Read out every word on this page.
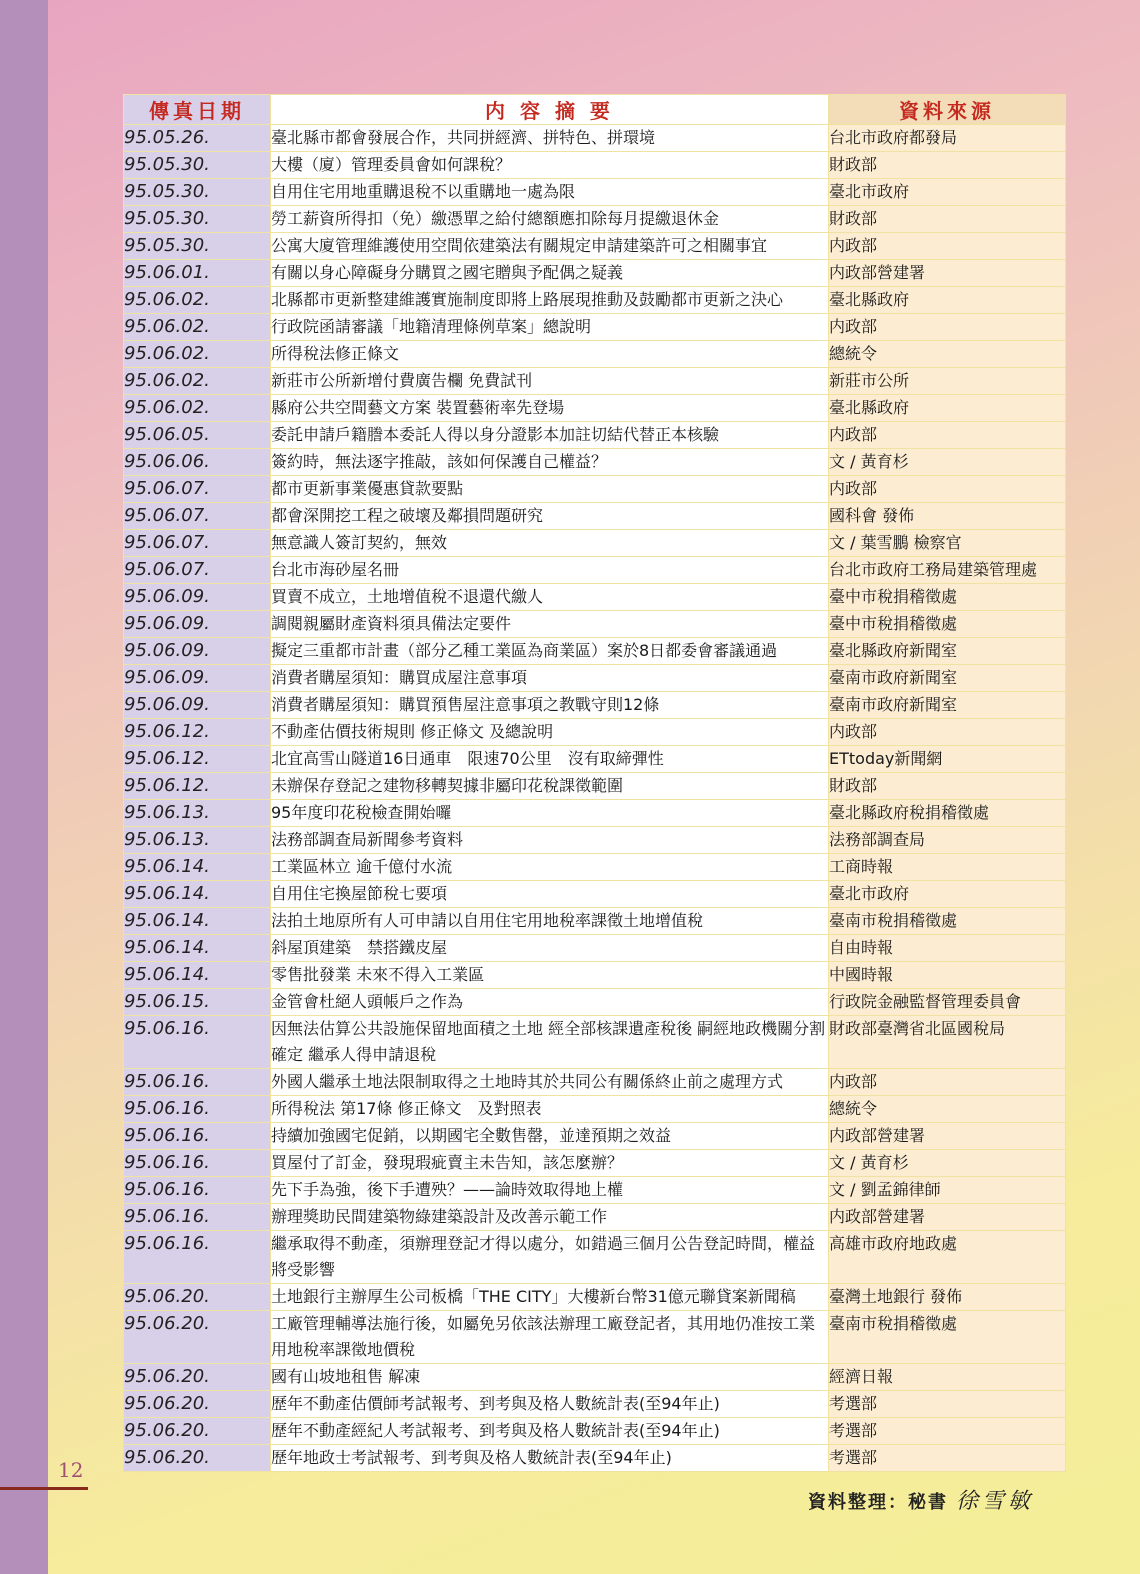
傳真日期	内 容 摘 要	資料來源
95.05.26.	臺北縣市都會發展合作，共同拼經濟、拼特色、拼環境	台北市政府都發局
95.05.30.	大樓（廈）管理委員會如何課稅？	財政部
95.05.30.	自用住宅用地重購退稅不以重購地一處為限	臺北市政府
95.05.30.	勞工薪資所得扣（免）繳憑單之給付總額應扣除每月提繳退休金	財政部
95.05.30.	公寓大廈管理維護使用空間依建築法有關規定申請建築許可之相關事宜	内政部
95.06.01.	有關以身心障礙身分購買之國宅贈與予配偶之疑義	内政部營建署
95.06.02.	北縣都市更新整建維護實施制度即將上路展現推動及鼓勵都市更新之決心	臺北縣政府
95.06.02.	行政院函請審議「地籍清理條例草案」總說明	内政部
95.06.02.	所得稅法修正條文	總統令
95.06.02.	新莊市公所新增付費廣告欄 免費試刊	新莊市公所
95.06.02.	縣府公共空間藝文方案 裝置藝術率先登場	臺北縣政府
95.06.05.	委託申請戶籍謄本委託人得以身分證影本加註切結代替正本核驗	内政部
95.06.06.	簽約時，無法逐字推敲，該如何保護自己權益？	文 / 黃育杉
95.06.07.	都市更新事業優惠貸款要點	内政部
95.06.07.	都會深開挖工程之破壞及鄰損問題研究	國科會 發佈
95.06.07.	無意識人簽訂契約，無效	文 / 葉雪鵬 檢察官
95.06.07.	台北市海砂屋名冊	台北市政府工務局建築管理處
95.06.09.	買賣不成立，土地增值稅不退還代繳人	臺中市稅捐稽徵處
95.06.09.	調閱親屬財產資料須具備法定要件	臺中市稅捐稽徵處
95.06.09.	擬定三重都市計畫（部分乙種工業區為商業區）案於8日都委會審議通過	臺北縣政府新聞室
95.06.09.	消費者購屋須知：購買成屋注意事項	臺南市政府新聞室
95.06.09.	消費者購屋須知：購買預售屋注意事項之教戰守則12條	臺南市政府新聞室
95.06.12.	不動產估價技術規則 修正條文 及總說明	内政部
95.06.12.	北宜高雪山隧道16日通車　限速70公里　沒有取締彈性	ETtoday新聞網
95.06.12.	未辦保存登記之建物移轉契據非屬印花稅課徵範圍	財政部
95.06.13.	95年度印花稅檢查開始囉	臺北縣政府稅捐稽徵處
95.06.13.	法務部調查局新聞參考資料	法務部調查局
95.06.14.	工業區林立 逾千億付水流	工商時報
95.06.14.	自用住宅換屋節稅七要項	臺北市政府
95.06.14.	法拍土地原所有人可申請以自用住宅用地稅率課徵土地增值稅	臺南市稅捐稽徵處
95.06.14.	斜屋頂建築　禁搭鐵皮屋	自由時報
95.06.14.	零售批發業 未來不得入工業區	中國時報
95.06.15.	金管會杜絕人頭帳戶之作為	行政院金融監督管理委員會
95.06.16.	因無法估算公共設施保留地面積之土地 經全部核課遺產稅後 嗣經地政機關分割確定 繼承人得申請退稅	財政部臺灣省北區國稅局
95.06.16.	外國人繼承土地法限制取得之土地時其於共同公有關係終止前之處理方式	内政部
95.06.16.	所得稅法 第17條 修正條文　及對照表	總統令
95.06.16.	持續加強國宅促銷，以期國宅全數售罄，並達預期之效益	内政部營建署
95.06.16.	買屋付了訂金，發現瑕疵賣主未告知，該怎麼辦？	文 / 黃育杉
95.06.16.	先下手為強，後下手遭殃？——論時效取得地上權	文 / 劉孟錦律師
95.06.16.	辦理獎助民間建築物綠建築設計及改善示範工作	内政部營建署
95.06.16.	繼承取得不動產，須辦理登記才得以處分，如錯過三個月公告登記時間，權益將受影響	高雄市政府地政處
95.06.20.	土地銀行主辦厚生公司板橋「THE CITY」大樓新台幣31億元聯貸案新聞稿	臺灣土地銀行 發佈
95.06.20.	工廠管理輔導法施行後，如屬免另依該法辦理工廠登記者，其用地仍准按工業用地稅率課徵地價稅	臺南市稅捐稽徵處
95.06.20.	國有山坡地租售 解凍	經濟日報
95.06.20.	歷年不動產估價師考試報考、到考與及格人數統計表(至94年止)	考選部
95.06.20.	歷年不動產經紀人考試報考、到考與及格人數統計表(至94年止)	考選部
95.06.20.	歷年地政士考試報考、到考與及格人數統計表(至94年止)	考選部
12
資料整理：秘書 徐雪敏
